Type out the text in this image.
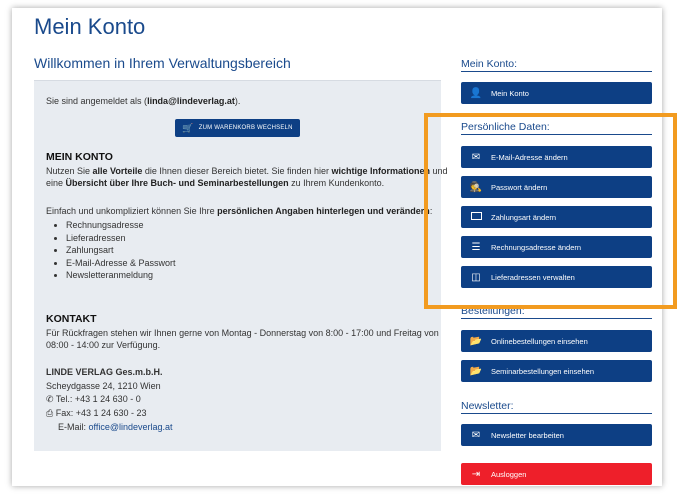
Mein Konto
Willkommen in Ihrem Verwaltungsbereich
Sie sind angemeldet als (linda@lindeverlag.at).
🛒 ZUM WARENKORB WECHSELN
MEIN KONTO
Nutzen Sie alle Vorteile die Ihnen dieser Bereich bietet. Sie finden hier wichtige Informationen und
eine Übersicht über Ihre Buch- und Seminarbestellungen zu Ihrem Kundenkonto.
Einfach und unkompliziert können Sie Ihre persönlichen Angaben hinterlegen und verändern:
• Rechnungsadresse
• Lieferadressen
• Zahlungsart
• E-Mail-Adresse & Passwort
• Newsletteranmeldung
KONTAKT
Für Rückfragen stehen wir Ihnen gerne von Montag - Donnerstag von 8:00 - 17:00 und Freitag von
08:00 - 14:00 zur Verfügung.
LINDE VERLAG Ges.m.b.H.
Scheydgasse 24, 1210 Wien
✆ Tel.: +43 1 24 630 - 0
⎙ Fax: +43 1 24 630 - 23
E-Mail: office@lindeverlag.at
Mein Konto:
👤 Mein Konto
Persönliche Daten:
✉	E-Mail-Adresse ändern
🕵 Passwort ändern
Zahlungsart ändern
☰	Rechnungsadresse ändern
◫	Lieferadressen verwalten
Bestellungen:
📂 Onlinebestellungen einsehen
📂 Seminarbestellungen einsehen
Newsletter:
✉	Newsletter bearbeiten
⇥	Ausloggen
